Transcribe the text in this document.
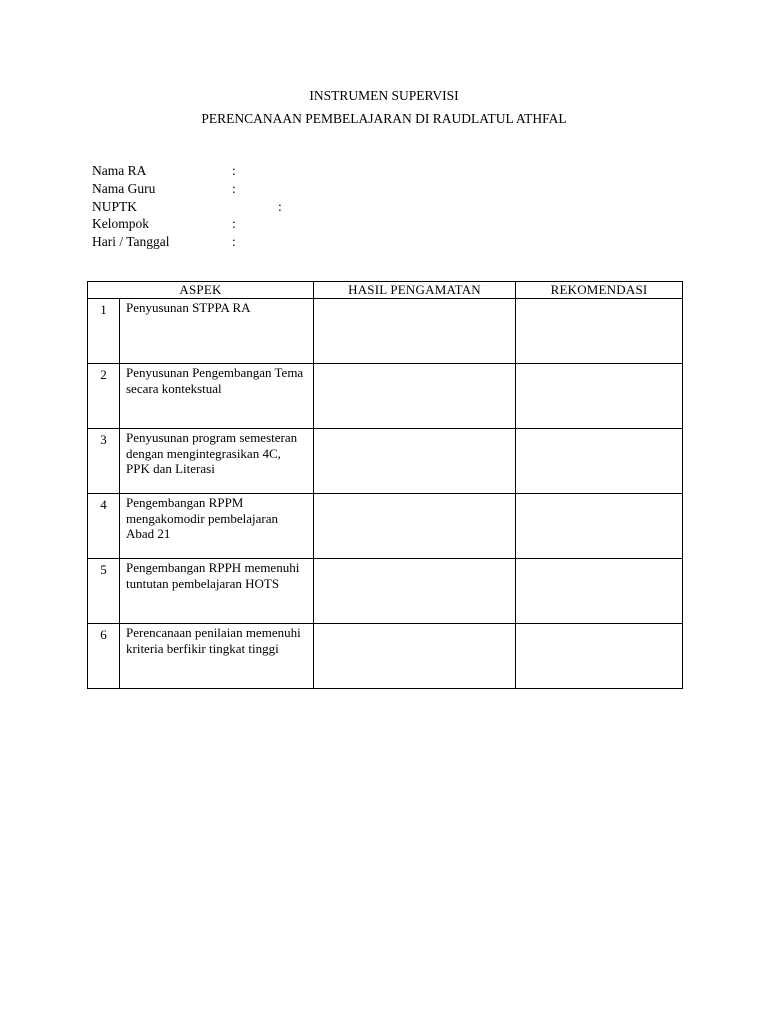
INSTRUMEN SUPERVISI
PERENCANAAN PEMBELAJARAN DI RAUDLATUL ATHFAL
Nama RA	:
Nama Guru	:
NUPTK	:
Kelompok	:
Hari / Tanggal	:
ASPEK		HASIL PENGAMATAN	REKOMENDASI
1	Penyusunan STPPA RA		
2	Penyusunan Pengembangan Tema secara kontekstual		
3	Penyusunan program semesteran dengan mengintegrasikan 4C, PPK dan Literasi		
4	Pengembangan RPPM mengakomodir pembelajaran Abad 21		
5	Pengembangan RPPH memenuhi tuntutan pembelajaran HOTS		
6	Perencanaan penilaian memenuhi kriteria berfikir tingkat tinggi		
